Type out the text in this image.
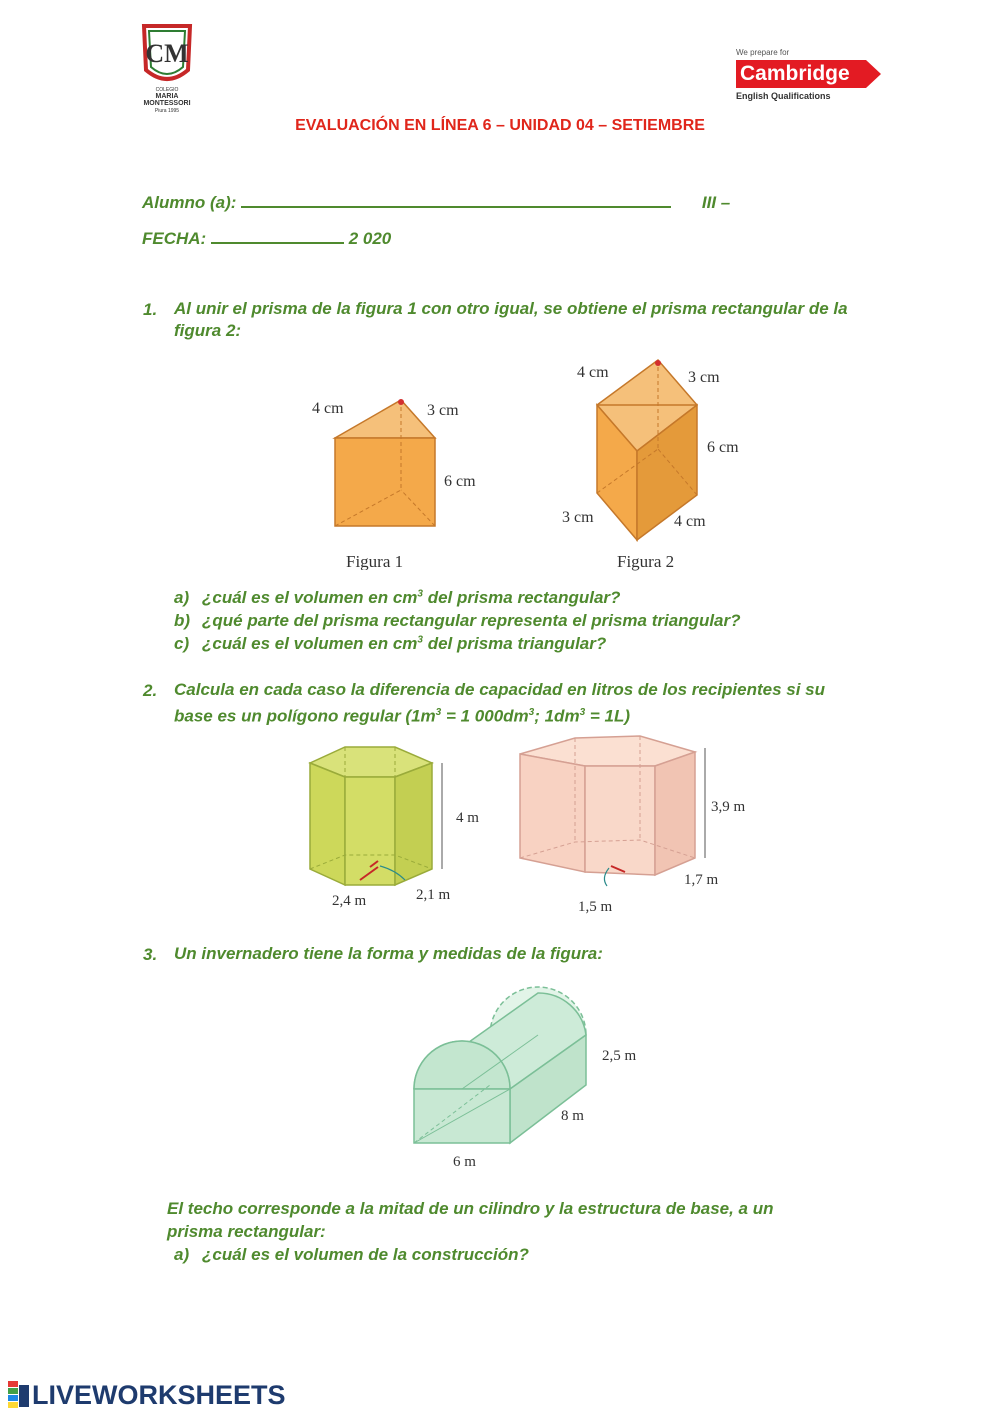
CM
COLEGIO
MARIA
MONTESSORI
Piura 1995
We prepare for
Cambridge
English Qualifications
EVALUACIÓN EN LÍNEA 6 – UNIDAD 04 – SETIEMBRE
Alumno (a):	III –
FECHA:	2 020
1. Al unir el prisma de la figura 1 con otro igual, se obtiene el prisma rectangular de la figura 2:
4 cm	3 cm
6 cm
Figura 1
4 cm	3 cm
6 cm
3 cm	4 cm
Figura 2
a) ¿cuál es el volumen en $cm^3$ del prisma rectangular?
b) ¿qué parte del prisma rectangular representa el prisma triangular?
c) ¿cuál es el volumen en $cm^3$ del prisma triangular?
2. Calcula en cada caso la diferencia de capacidad en litros de los recipientes si su
base es un polígono regular ($1m^3 = 1$ $000dm^3$; $1dm^3 = 1L$)
4 m
2,4 m	2,1 m
3,9 m
1,7 m
1,5 m
3. Un invernadero tiene la forma y medidas de la figura:
2,5 m
8 m
6 m
El techo corresponde a la mitad de un cilindro y la estructura de base, a un
prisma rectangular:
a) ¿cuál es el volumen de la construcción?
LIVEWORKSHEETS
